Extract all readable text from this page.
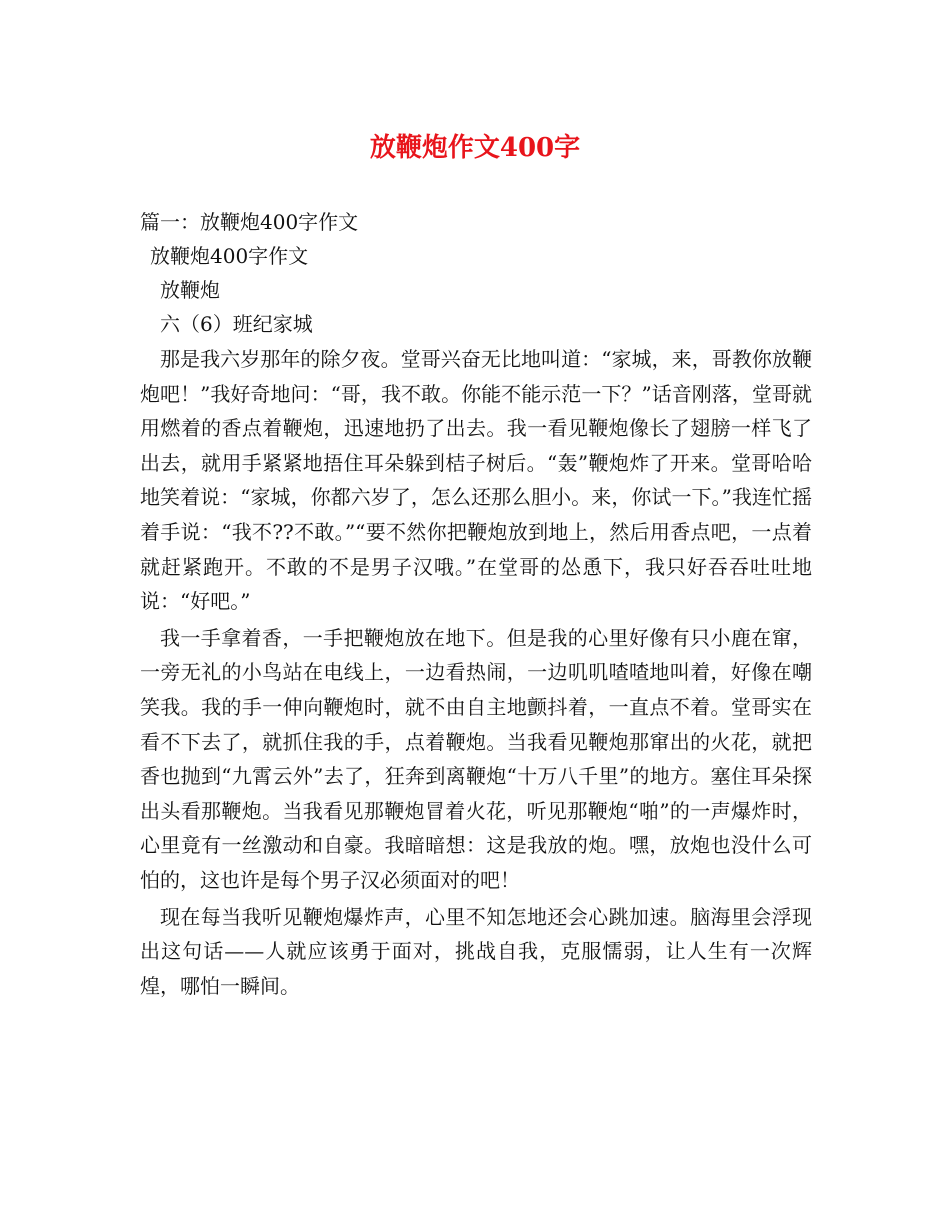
放鞭炮作文400字

篇一：放鞭炮400字作文

放鞭炮400字作文

放鞭炮

六（6）班纪家城

那是我六岁那年的除夕夜。堂哥兴奋无比地叫道：“家城，来，哥教你放鞭炮吧！”我好奇地问：“哥，我不敢。你能不能示范一下？”话音刚落，堂哥就用燃着的香点着鞭炮，迅速地扔了出去。我一看见鞭炮像长了翅膀一样飞了出去，就用手紧紧地捂住耳朵躲到桔子树后。“轰”鞭炮炸了开来。堂哥哈哈地笑着说：“家城，你都六岁了，怎么还那么胆小。来，你试一下。”我连忙摇着手说：“我不??不敢。”“要不然你把鞭炮放到地上，然后用香点吧，一点着就赶紧跑开。不敢的不是男子汉哦。”在堂哥的怂恿下，我只好吞吞吐吐地说：“好吧。”

我一手拿着香，一手把鞭炮放在地下。但是我的心里好像有只小鹿在窜，一旁无礼的小鸟站在电线上，一边看热闹，一边叽叽喳喳地叫着，好像在嘲笑我。我的手一伸向鞭炮时，就不由自主地颤抖着，一直点不着。堂哥实在看不下去了，就抓住我的手，点着鞭炮。当我看见鞭炮那窜出的火花，就把香也抛到“九霄云外”去了，狂奔到离鞭炮“十万八千里”的地方。塞住耳朵探出头看那鞭炮。当我看见那鞭炮冒着火花，听见那鞭炮“啪”的一声爆炸时，心里竟有一丝激动和自豪。我暗暗想：这是我放的炮。嘿，放炮也没什么可怕的，这也许是每个男子汉必须面对的吧！

现在每当我听见鞭炮爆炸声，心里不知怎地还会心跳加速。脑海里会浮现出这句话——人就应该勇于面对，挑战自我，克服懦弱，让人生有一次辉煌，哪怕一瞬间。
